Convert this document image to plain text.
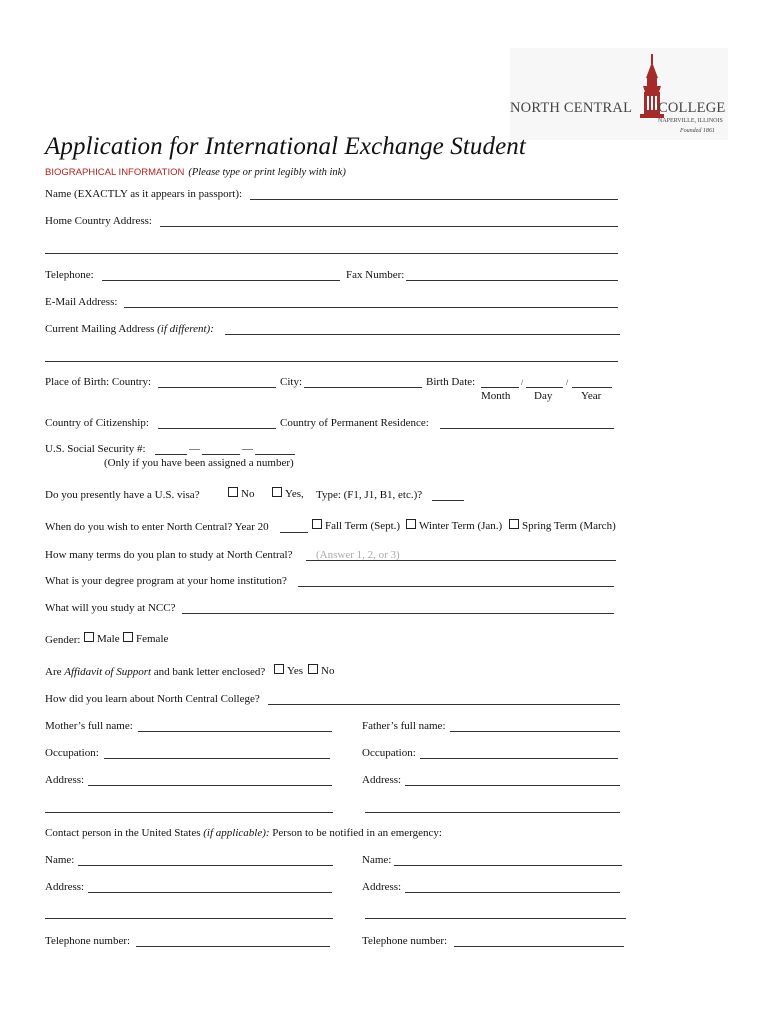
NORTH CENTRAL COLLEGE
NAPERVILLE, ILLINOIS
Founded 1861
Application for International Exchange Student
BIOGRAPHICAL INFORMATION (Please type or print legibly with ink)
Name (EXACTLY as it appears in passport):
Home Country Address:
Telephone:	Fax Number:
E-Mail Address:
Current Mailing Address (if different):
Place of Birth: Country:	City:	Birth Date:	/	/
Month Day	Year
Country of Citizenship:	Country of Permanent Residence:
U.S. Social Security #:	—	—
(Only if you have been assigned a number)
Do you presently have a U.S. visa?	No	Yes, Type: (F1, J1, B1, etc.)?
When do you wish to enter North Central? Year 20	Fall Term (Sept.)	Winter Term (Jan.)	Spring Term (March)
How many terms do you plan to study at North Central? (Answer 1, 2, or 3)
What is your degree program at your home institution?
What will you study at NCC?
Gender:	Male	Female
Are Affidavit of Support and bank letter enclosed?	Yes	No
How did you learn about North Central College?
Mother’s full name:	Father’s full name:
Occupation:	Occupation:
Address:	Address:
Contact person in the United States (if applicable): Person to be notified in an emergency:
Name:	Name:
Address:	Address:
Telephone number:	Telephone number:
